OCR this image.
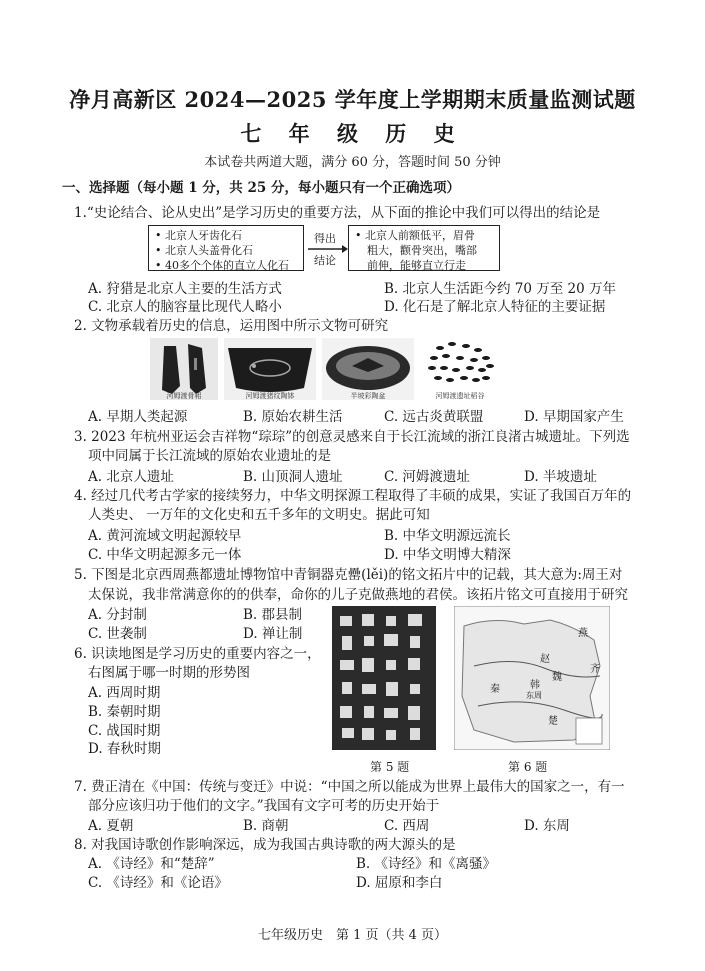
净月高新区 2024—2025 学年度上学期期末质量监测试题
七 年 级 历 史
本试卷共两道大题，满分 60 分，答题时间 50 分钟
一、选择题（每小题 1 分，共 25 分，每小题只有一个正确选项）
1.“史论结合、论从史出”是学习历史的重要方法，从下面的推论中我们可以得出的结论是
• 北京人牙齿化石
• 北京人头盖骨化石
• 40多个个体的直立人化石
得出
结论
• 北京人前额低平，眉骨
粗大，颧骨突出，嘴部
前伸，能够直立行走
A. 狩猎是北京人主要的生活方式	B. 北京人生活距今约 70 万至 20 万年
C. 北京人的脑容量比现代人略小	D. 化石是了解北京人特征的主要证据
2. 文物承载着历史的信息，运用图中所示文物可研究
河姆渡骨耜	河姆渡猪纹陶钵	半坡彩陶盆	河姆渡遗址稻谷
A. 早期人类起源	B. 原始农耕生活	C. 远古炎黄联盟	D. 早期国家产生
3. 2023 年杭州亚运会吉祥物“琮琮”的创意灵感来自于长江流域的浙江良渚古城遗址。下列选
项中同属于长江流域的原始农业遗址的是
A. 北京人遗址	B. 山顶洞人遗址	C. 河姆渡遗址	D. 半坡遗址
4. 经过几代考古学家的接续努力，中华文明探源工程取得了丰硕的成果，实证了我国百万年的
人类史、 一万年的文化史和五千多年的文明史。据此可知
A. 黄河流域文明起源较早	B. 中华文明源远流长
C. 中华文明起源多元一体	D. 中华文明博大精深
5. 下图是北京西周燕都遗址博物馆中青铜器克罍(lěi)的铭文拓片中的记载，其大意为:周王对
太保说，我非常满意你的的供奉，命你的儿子克做燕地的君侯。该拓片铭文可直接用于研究
A. 分封制	B. 郡县制
C. 世袭制	D. 禅让制
6. 识读地图是学习历史的重要内容之一，
右图属于哪一时期的形势图
A. 西周时期
B. 秦朝时期
C. 战国时期
D. 春秋时期
燕
赵
齐
魏
韩
秦
楚
东周
第 5 题	第 6 题
7. 费正清在《中国：传统与变迁》中说：“中国之所以能成为世界上最伟大的国家之一，有一
部分应该归功于他们的文字。”我国有文字可考的历史开始于
A. 夏朝	B. 商朝	C. 西周	D. 东周
8. 对我国诗歌创作影响深远，成为我国古典诗歌的两大源头的是
A. 《诗经》和“楚辞”	B. 《诗经》和《离骚》
C. 《诗经》和《论语》	D. 屈原和李白
七年级历史　第 1 页（共 4 页）
